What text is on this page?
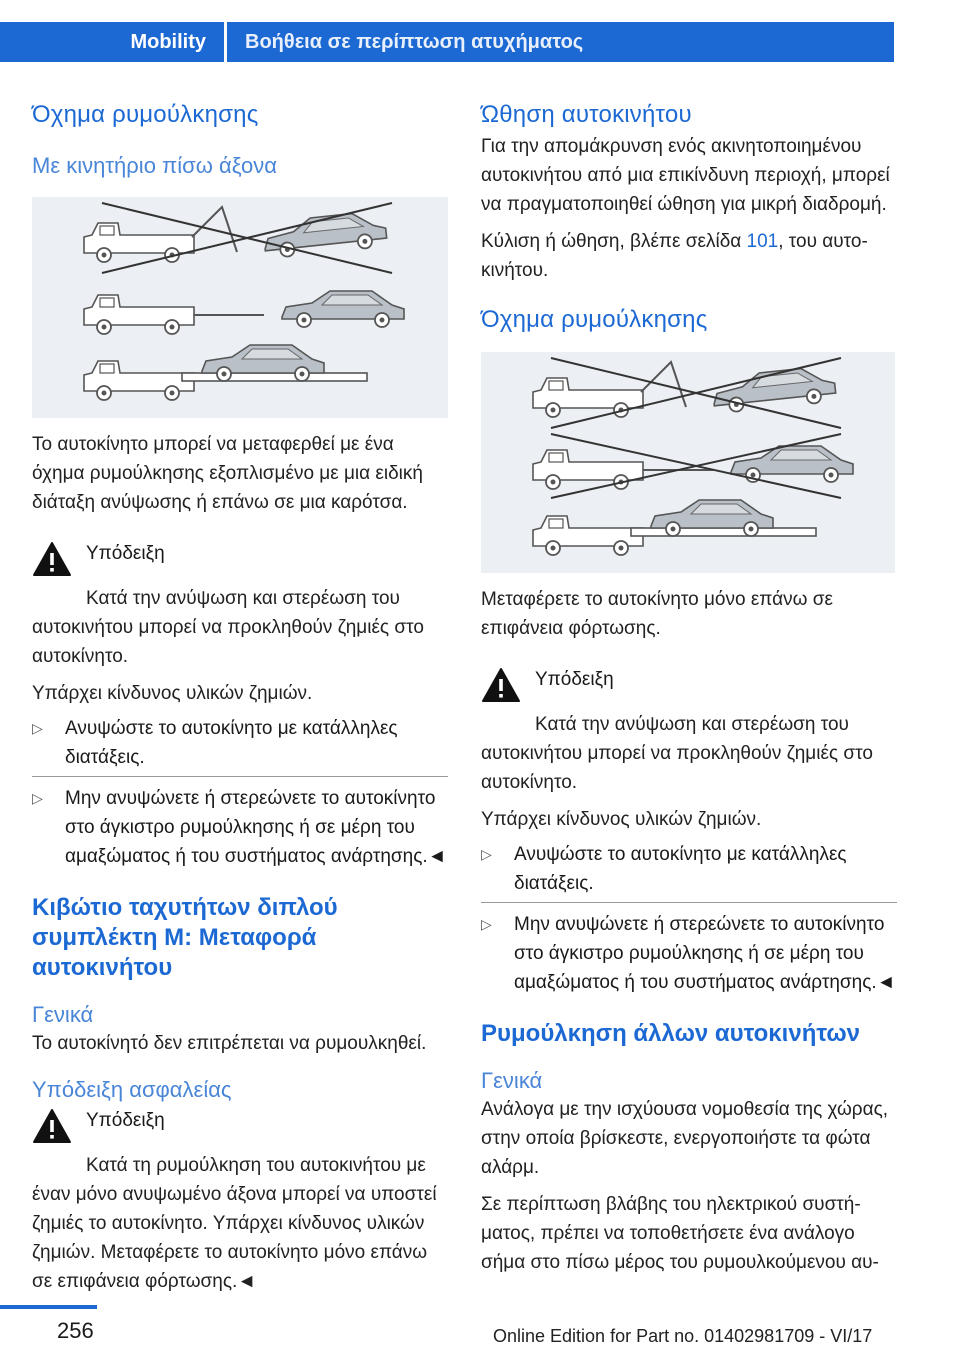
Mobility Βοήθεια σε περίπτωση ατυχήματος
Όχημα ρυμούλκησης
Με κινητήριο πίσω άξονα

Το αυτοκίνητο μπορεί να μεταφερθεί με ένα όχημα ρυμούλκησης εξοπλισμένο με μια ειδική διάταξη ανύψωσης ή επάνω σε μια καρότσα.

Υπόδειξη

Κατά την ανύψωση και στερέωση του αυτοκινήτου μπορεί να προκληθούν ζημιές στο αυτοκίνητο.

Υπάρχει κίνδυνος υλικών ζημιών.

▷ Ανυψώστε το αυτοκίνητο με κατάλληλες διατάξεις.
▷ Μην ανυψώνετε ή στερεώνετε το αυτοκίνητο στο άγκιστρο ρυμούλκησης ή σε μέρη του αμαξώματος ή του συστήματος ανάρτησης.◄
Κιβώτιο ταχυτήτων διπλού συμπλέκτη M: Μεταφορά αυτοκινήτου
Γενικά

Το αυτοκίνητό δεν επιτρέπεται να ρυμουλκηθεί.

Υπόδειξη ασφαλείας
Υπόδειξη

Κατά τη ρυμούλκηση του αυτοκινήτου με έναν μόνο ανυψωμένο άξονα μπορεί να υποστεί ζημιές το αυτοκίνητο. Υπάρχει κίνδυνος υλικών ζημιών. Μεταφέρετε το αυτοκίνητο μόνο επάνω σε επιφάνεια φόρτωσης.◄

Ώθηση αυτοκινήτου

Για την απομάκρυνση ενός ακινητοποιημένου αυτοκινήτου από μια επικίνδυνη περιοχή, μπορεί να πραγματοποιηθεί ώθηση για μικρή διαδρομή.

Κύλιση ή ώθηση, βλέπε σελίδα 101, του αυτοκινήτου.

Όχημα ρυμούλκησης

Μεταφέρετε το αυτοκίνητο μόνο επάνω σε επιφάνεια φόρτωσης.

Υπόδειξη

Κατά την ανύψωση και στερέωση του αυτοκινήτου μπορεί να προκληθούν ζημιές στο αυτοκίνητο.

Υπάρχει κίνδυνος υλικών ζημιών.

▷ Ανυψώστε το αυτοκίνητο με κατάλληλες διατάξεις.
▷ Μην ανυψώνετε ή στερεώνετε το αυτοκίνητο στο άγκιστρο ρυμούλκησης ή σε μέρη του αμαξώματος ή του συστήματος ανάρτησης.◄
Ρυμούλκηση άλλων αυτοκινήτων
Γενικά

Ανάλογα με την ισχύουσα νομοθεσία της χώρας, στην οποία βρίσκεστε, ενεργοποιήστε τα φώτα αλάρμ.

Σε περίπτωση βλάβης του ηλεκτρικού συστήματος, πρέπει να τοποθετήσετε ένα ανάλογο σήμα στο πίσω μέρος του ρυμουλκούμενου αυ-

256	Online Edition for Part no. 01402981709 - VI/17
